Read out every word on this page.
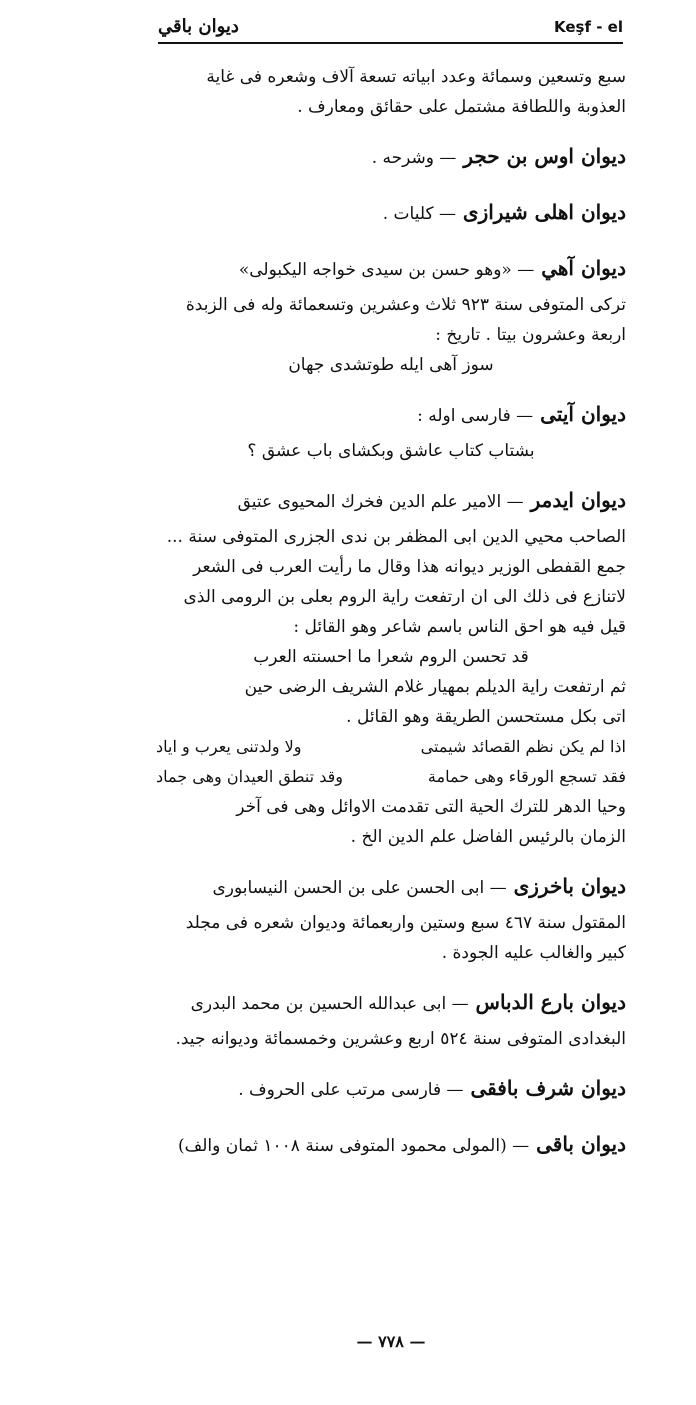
ديوان باقي	Keşf - el
سبع وتسعين وسمائة وعدد ابياته تسعة آلاف وشعره فى غاية
العذوبة واللطافة مشتمل على حقائق ومعارف .
ديوان اوس بن حجر — وشرحه .
ديوان اهلى شيرازى — كليات .
ديوان آهي — «وهو حسن بن سيدى خواجه اليكبولى»
تركى المتوفى سنة ٩٢٣ ثلاث وعشرين وتسعمائة وله فى الزبدة
اربعة وعشرون بيتا . تاريخ :
سوز آهى ايله طوتشدى جهان
ديوان آيتى — فارسى اوله :
بشتاب كتاب عاشق وبكشاى باب عشق ؟
ديوان ايدمر — الامير علم الدين فخرك المحيوى عتيق
الصاحب محيي الدين ابى المظفر بن ندى الجزرى المتوفى سنة ...
جمع القفطى الوزير ديوانه هذا وقال ما رأيت العرب فى الشعر
لاتنازع فى ذلك الى ان ارتفعت راية الروم بعلى بن الرومى الذى
قيل فيه هو احق الناس باسم شاعر وهو القائل :
قد تحسن الروم شعرا ما احسنته العرب
ثم ارتفعت راية الديلم بمهيار غلام الشريف الرضى حين
اتى بكل مستحسن الطريقة وهو القائل .
اذا لم يكن نظم القصائد شيمتى
ولا ولدتنى يعرب و اياد
فقد تسجع الورقاء وهى حمامة
وقد تنطق العيدان وهى جماد
وحيا الدهر للترك الحية التى تقدمت الاوائل وهى فى آخر
الزمان بالرئيس الفاضل علم الدين الخ .
ديوان باخرزى — ابى الحسن على بن الحسن النيسابورى
المقتول سنة ٤٦٧ سبع وستين واربعمائة وديوان شعره فى مجلد
كبير والغالب عليه الجودة .
ديوان بارع الدباس — ابى عبدالله الحسين بن محمد البدرى
البغدادى المتوفى سنة ٥٢٤ اربع وعشرين وخمسمائة وديوانه جيد.
ديوان شرف بافقى — فارسى مرتب على الحروف .
ديوان باقى — (المولى محمود المتوفى سنة ١٠٠٨ ثمان والف)
— ٧٧٨ —
